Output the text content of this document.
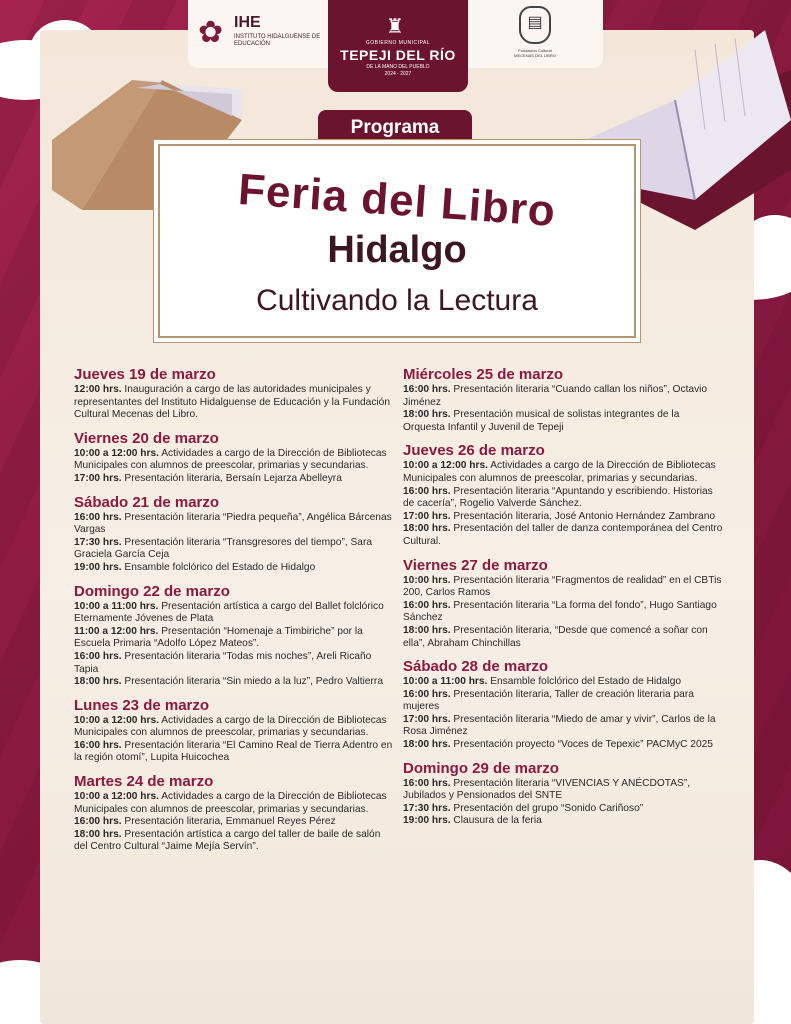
✿ IHE
INSTITUTO HIDALGUENSE DE EDUCACIÓN
♜
GOBIERNO MUNICIPAL
TEPEJI DEL RÍO
DE LA MANO DEL PUEBLO
2024 - 2027
▤
Fundación Cultural
MECENAS DEL LIBRO
Programa
Feria del Libro
Hidalgo
Cultivando la Lectura
Jueves 19 de marzo
12:00 hrs. Inauguración a cargo de las autoridades municipales y representantes del Instituto Hidalguense de Educación y la Fundación Cultural Mecenas del Libro.
Viernes 20 de marzo
10:00 a 12:00 hrs. Actividades a cargo de la Dirección de Bibliotecas Municipales con alumnos de preescolar, primarias y secundarias.
17:00 hrs. Presentación literaria, Bersaín Lejarza Abelleyra
Sábado 21 de marzo
16:00 hrs. Presentación literaria “Piedra pequeña”, Angélica Bárcenas Vargas
17:30 hrs. Presentación literaria “Transgresores del tiempo”, Sara Graciela García Ceja
19:00 hrs. Ensamble folclórico del Estado de Hidalgo
Domingo 22 de marzo
10:00 a 11:00 hrs. Presentación artística a cargo del Ballet folclórico Eternamente Jóvenes de Plata
11:00 a 12:00 hrs. Presentación “Homenaje a Timbiriche” por la Escuela Primaria “Adolfo López Mateos”.
16:00 hrs. Presentación literaria “Todas mis noches”, Areli Ricaño Tapia
18:00 hrs. Presentación literaria “Sin miedo a la luz”, Pedro Valtierra
Lunes 23 de marzo
10:00 a 12:00 hrs. Actividades a cargo de la Dirección de Bibliotecas Municipales con alumnos de preescolar, primarias y secundarias.
16:00 hrs. Presentación literaria “El Camino Real de Tierra Adentro en la región otomí”, Lupita Huicochea
Martes 24 de marzo
10:00 a 12:00 hrs. Actividades a cargo de la Dirección de Bibliotecas Municipales con alumnos de preescolar, primarias y secundarias.
16:00 hrs. Presentación literaria, Emmanuel Reyes Pérez
18:00 hrs. Presentación artística a cargo del taller de baile de salón del Centro Cultural “Jaime Mejía Servín”.
Miércoles 25 de marzo
16:00 hrs. Presentación literaria “Cuando callan los niños”, Octavio Jiménez
18:00 hrs. Presentación musical de solistas integrantes de la Orquesta Infantil y Juvenil de Tepeji
Jueves 26 de marzo
10:00 a 12:00 hrs. Actividades a cargo de la Dirección de Bibliotecas Municipales con alumnos de preescolar, primarias y secundarias.
16:00 hrs. Presentación literaria “Apuntando y escribiendo. Historias de cacería”, Rogelio Valverde Sánchez.
17:00 hrs. Presentación literaria, José Antonio Hernández Zambrano
18:00 hrs. Presentación del taller de danza contemporánea del Centro Cultural.
Viernes 27 de marzo
10:00 hrs. Presentación literaria “Fragmentos de realidad” en el CBTis 200, Carlos Ramos
16:00 hrs. Presentación literaria “La forma del fondo”, Hugo Santiago Sánchez
18:00 hrs. Presentación literaria, “Desde que comencé a soñar con ella”, Abraham Chinchillas
Sábado 28 de marzo
10:00 a 11:00 hrs. Ensamble folclórico del Estado de Hidalgo
16:00 hrs. Presentación literaria, Taller de creación literaria para mujeres
17:00 hrs. Presentación literaria “Miedo de amar y vivir”, Carlos de la Rosa Jiménez
18:00 hrs. Presentación proyecto “Voces de Tepexic” PACMyC 2025
Domingo 29 de marzo
16:00 hrs. Presentación literaria “VIVENCIAS Y ANÉCDOTAS”, Jubilados y Pensionados del SNTE
17:30 hrs. Presentación del grupo “Sonido Cariñoso”
19:00 hrs. Clausura de la feria
